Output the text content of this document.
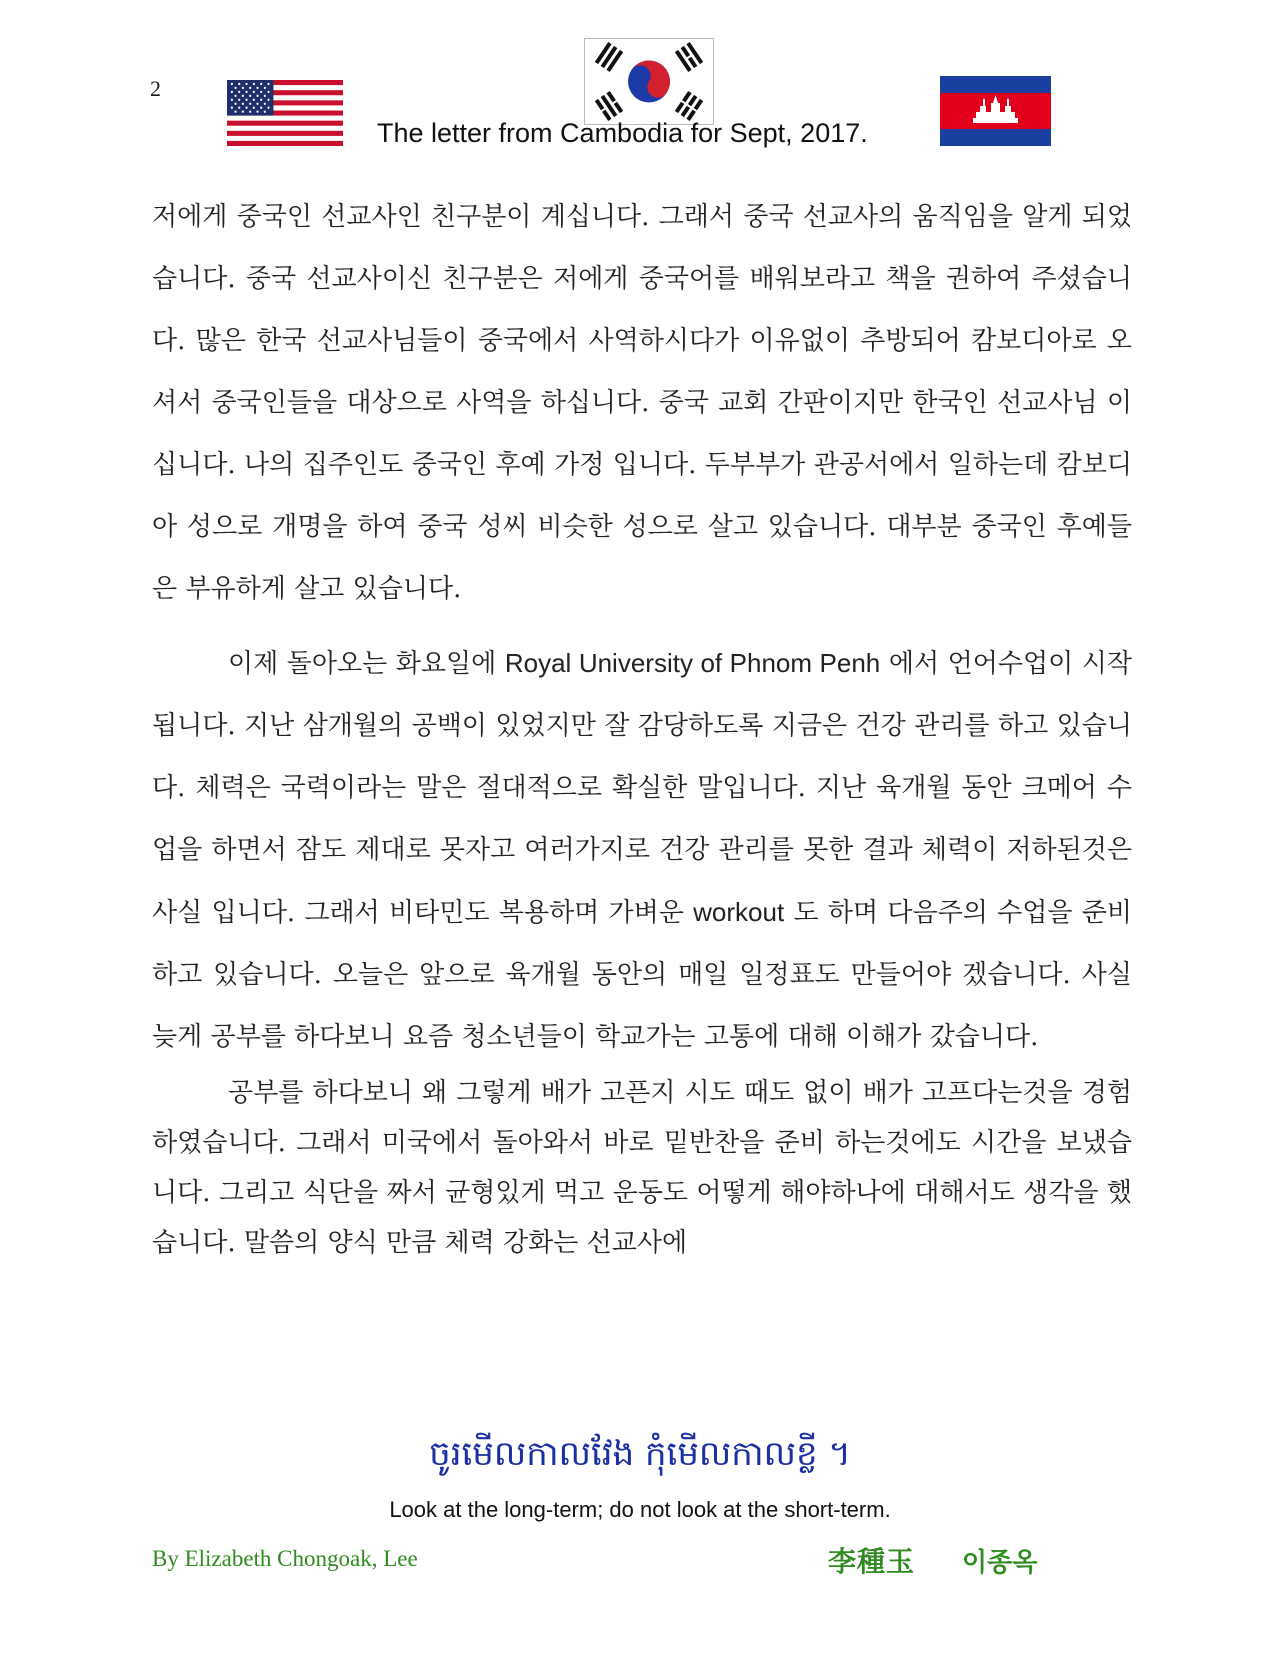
2
The letter from Cambodia for Sept, 2017.

저에게 중국인 선교사인 친구분이 계십니다. 그래서 중국 선교사의 움직임을 알게 되었습니다. 중국 선교사이신 친구분은 저에게 중국어를 배워보라고 책을 권하여 주셨습니다. 많은 한국 선교사님들이 중국에서 사역하시다가 이유없이 추방되어 캄보디아로 오셔서 중국인들을 대상으로 사역을 하십니다. 중국 교회 간판이지만 한국인 선교사님 이십니다. 나의 집주인도 중국인 후예 가정 입니다. 두부부가 관공서에서 일하는데 캄보디아 성으로 개명을 하여 중국 성씨 비슷한 성으로 살고 있습니다. 대부분 중국인 후예들은 부유하게 살고 있습니다.

이제 돌아오는 화요일에 Royal University of Phnom Penh 에서 언어수업이 시작 됩니다. 지난 삼개월의 공백이 있었지만 잘 감당하도록 지금은 건강 관리를 하고 있습니다. 체력은 국력이라는 말은 절대적으로 확실한 말입니다. 지난 육개월 동안 크메어 수업을 하면서 잠도 제대로 못자고 여러가지로 건강 관리를 못한 결과 체력이 저하된것은 사실 입니다. 그래서 비타민도 복용하며 가벼운 workout 도 하며 다음주의 수업을 준비하고 있습니다. 오늘은 앞으로 육개월 동안의 매일 일정표도 만들어야 겠습니다. 사실 늦게 공부를 하다보니 요즘 청소년들이 학교가는 고통에 대해 이해가 갔습니다.
공부를 하다보니 왜 그렇게 배가 고픈지 시도 때도 없이 배가 고프다는것을 경험하였습니다. 그래서 미국에서 돌아와서 바로 밑반찬을 준비 하는것에도 시간을 보냈습니다. 그리고 식단을 짜서 균형있게 먹고 운동도 어떻게 해야하나에 대해서도 생각을 했습니다. 말씀의 양식 만큼 체력 강화는 선교사에

ចូរមើលកាលវែង កុំមើលកាលខ្លី ។
Look at the long-term; do not look at the short-term.
By Elizabeth Chongoak, Lee	李種玉 이종옥
